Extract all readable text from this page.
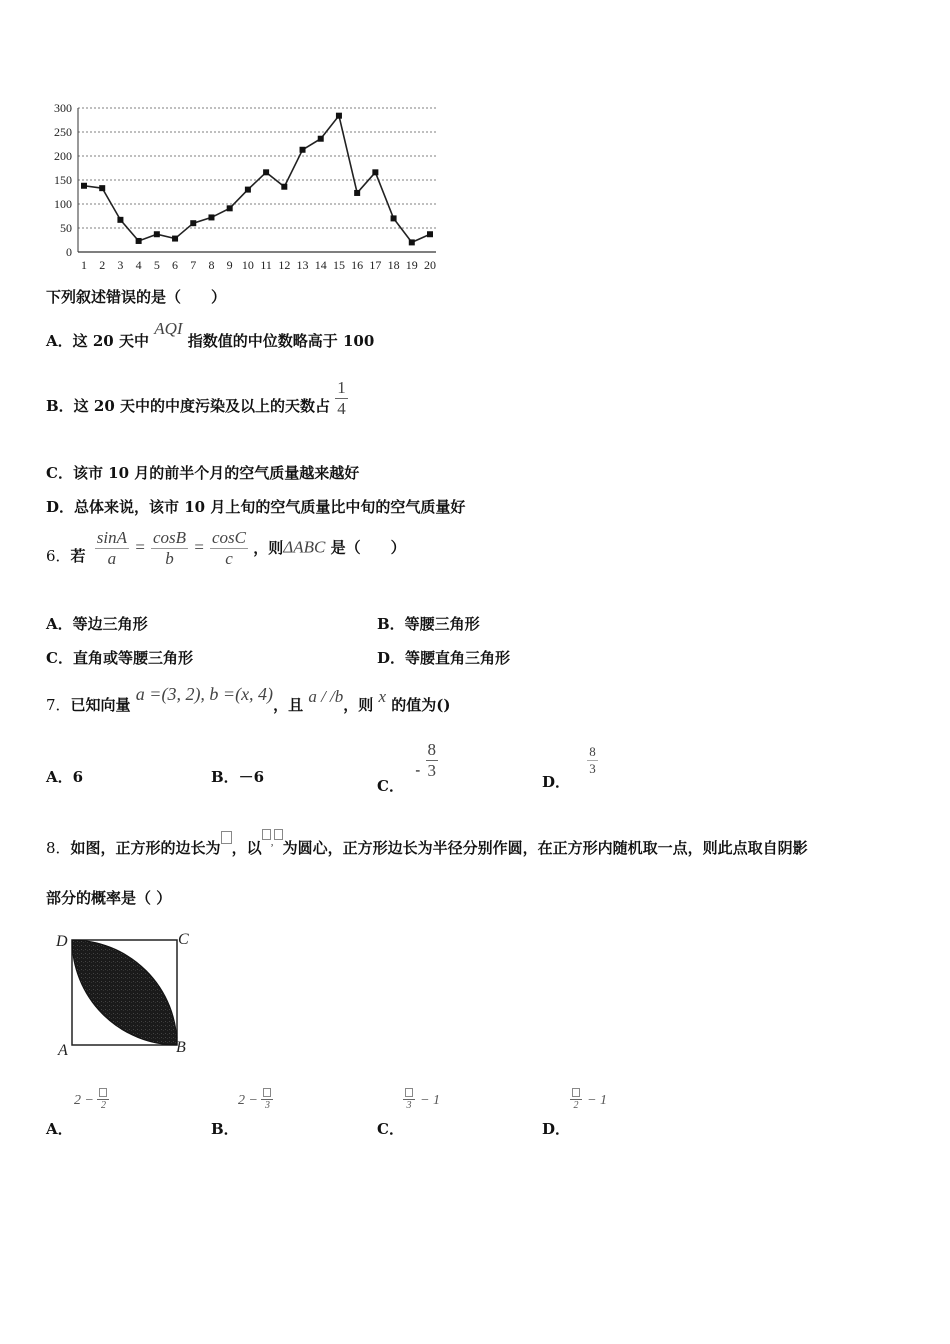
0
50
100
150
200
250
300
1 2 3 4 5 6 7 8 9 10 11 12 13 14 15 16 17 18 19 20
下列叙述错误的是（　　）
A．这 20 天中 AQI 指数值的中位数略高于 100
B．这 20 天中的中度污染及以上的天数占 $\frac{1}{4}$
C．该市 10 月的前半个月的空气质量越来越好
D．总体来说，该市 10 月上旬的空气质量比中旬的空气质量好
6．若 $\frac{\sin A}{a} = \frac{\cos B}{b} = \frac{\cos C}{c}$ ，则ΔABC 是（　　）
A．等边三角形	B．等腰三角形
C．直角或等腰三角形	D．等腰直角三角形
7．已知向量 a =(3, 2), b =(x, 4)，且 a / /b，则 x 的值为()
A．6	B．－6	C． - $\frac{8}{3}$
D．
$\frac{8}{3}$
8．如图，正方形的边长为 ，以 , 为圆心，正方形边长为半径分别作圆，在正方形内随机取一点，则此点取自阴影
部分的概率是（ ）
D	C
A	B
2 − 2
A．
2 − 3
B．
3 − 1
C．
2 − 1
D．
